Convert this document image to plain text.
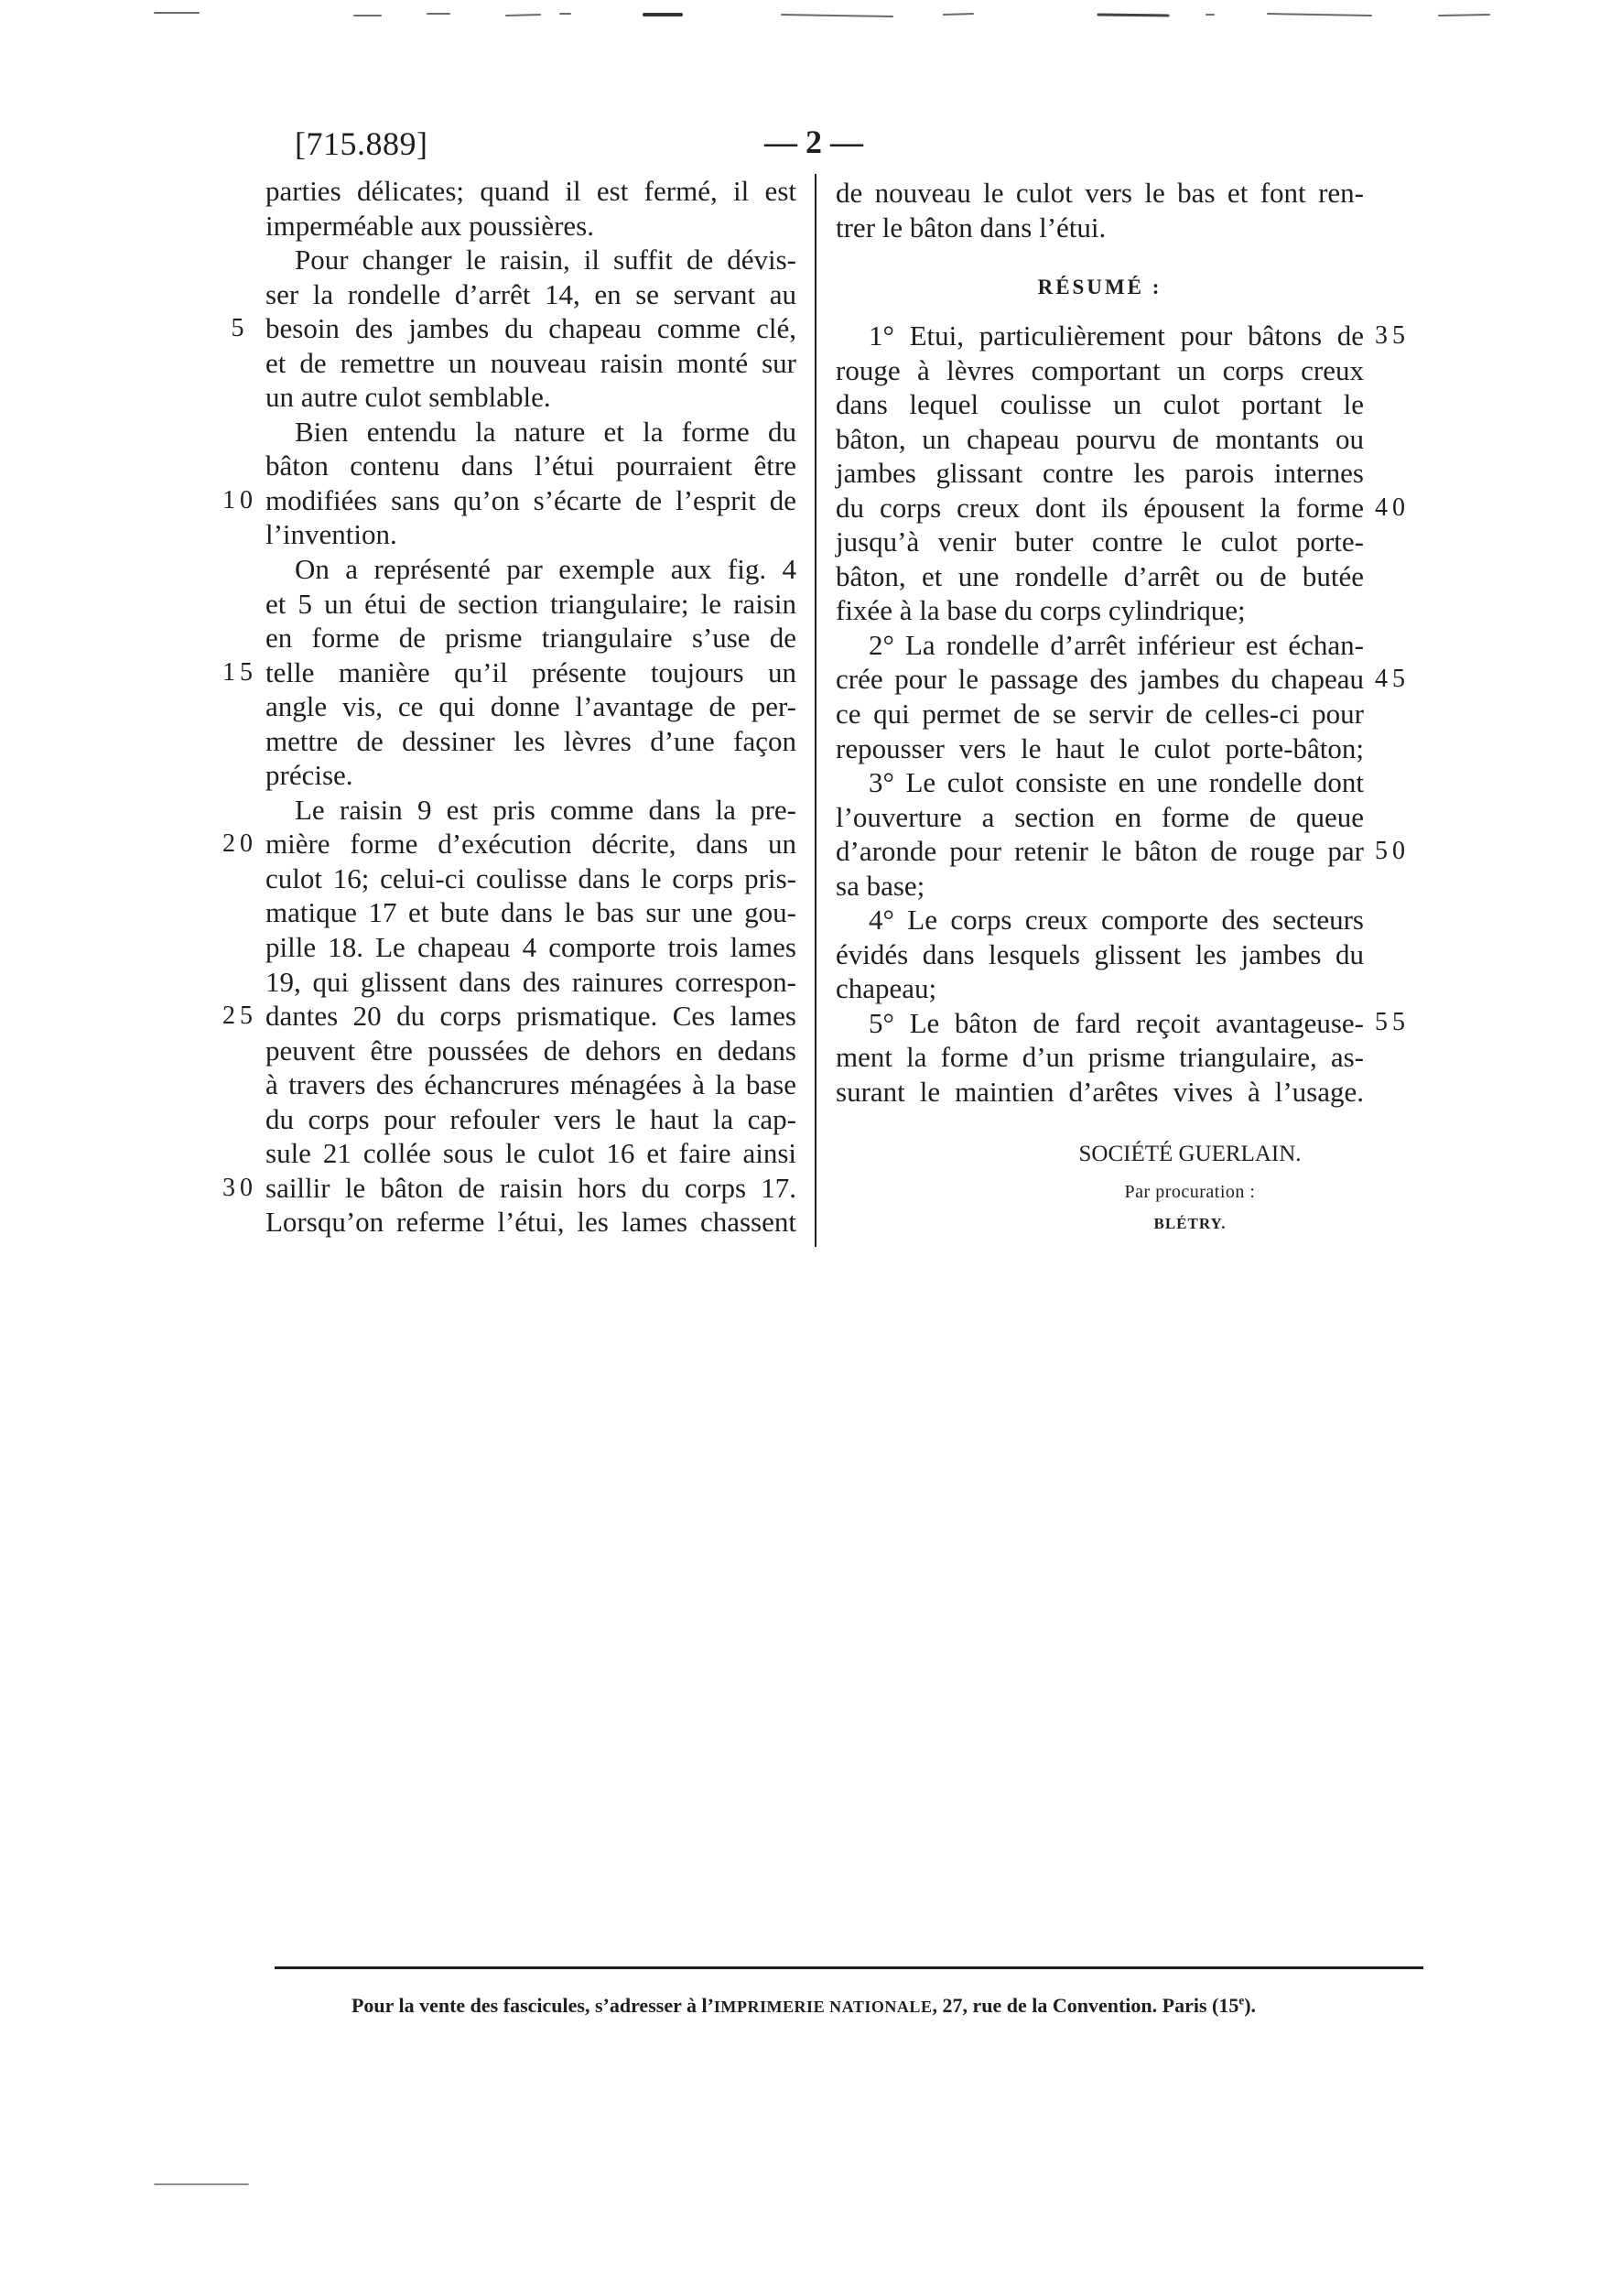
[715.889]	— 2 —
5
10
15
20
25
30
parties délicates; quand il est fermé, il est
imperméable aux poussières.
Pour changer le raisin, il suffit de dévis-
ser la rondelle d’arrêt 14, en se servant au
besoin des jambes du chapeau comme clé,
et de remettre un nouveau raisin monté sur
un autre culot semblable.
Bien entendu la nature et la forme du
bâton contenu dans l’étui pourraient être
modifiées sans qu’on s’écarte de l’esprit de
l’invention.
On a représenté par exemple aux fig. 4
et 5 un étui de section triangulaire; le raisin
en forme de prisme triangulaire s’use de
telle manière qu’il présente toujours un
angle vis, ce qui donne l’avantage de per-
mettre de dessiner les lèvres d’une façon
précise.
Le raisin 9 est pris comme dans la pre-
mière forme d’exécution décrite, dans un
culot 16; celui-ci coulisse dans le corps pris-
matique 17 et bute dans le bas sur une gou-
pille 18. Le chapeau 4 comporte trois lames
19, qui glissent dans des rainures correspon-
dantes 20 du corps prismatique. Ces lames
peuvent être poussées de dehors en dedans
à travers des échancrures ménagées à la base
du corps pour refouler vers le haut la cap-
sule 21 collée sous le culot 16 et faire ainsi
saillir le bâton de raisin hors du corps 17.
Lorsqu’on referme l’étui, les lames chassent
de nouveau le culot vers le bas et font ren-
trer le bâton dans l’étui.
RÉSUMÉ :
1° Etui, particulièrement pour bâtons de
rouge à lèvres comportant un corps creux
dans lequel coulisse un culot portant le
bâton, un chapeau pourvu de montants ou
jambes glissant contre les parois internes
du corps creux dont ils épousent la forme
jusqu’à venir buter contre le culot porte-
bâton, et une rondelle d’arrêt ou de butée
fixée à la base du corps cylindrique;
2° La rondelle d’arrêt inférieur est échan-
crée pour le passage des jambes du chapeau
ce qui permet de se servir de celles-ci pour
repousser vers le haut le culot porte-bâton;
3° Le culot consiste en une rondelle dont
l’ouverture a section en forme de queue
d’aronde pour retenir le bâton de rouge par
sa base;
4° Le corps creux comporte des secteurs
évidés dans lesquels glissent les jambes du
chapeau;
5° Le bâton de fard reçoit avantageuse-
ment la forme d’un prisme triangulaire, as-
surant le maintien d’arêtes vives à l’usage.
35
40
45
50
55
SOCIÉTÉ GUERLAIN.
Par procuration :
BLÉTRY.
Pour la vente des fascicules, s’adresser à l’IMPRIMERIE NATIONALE, 27, rue de la Convention. Paris (15e).
